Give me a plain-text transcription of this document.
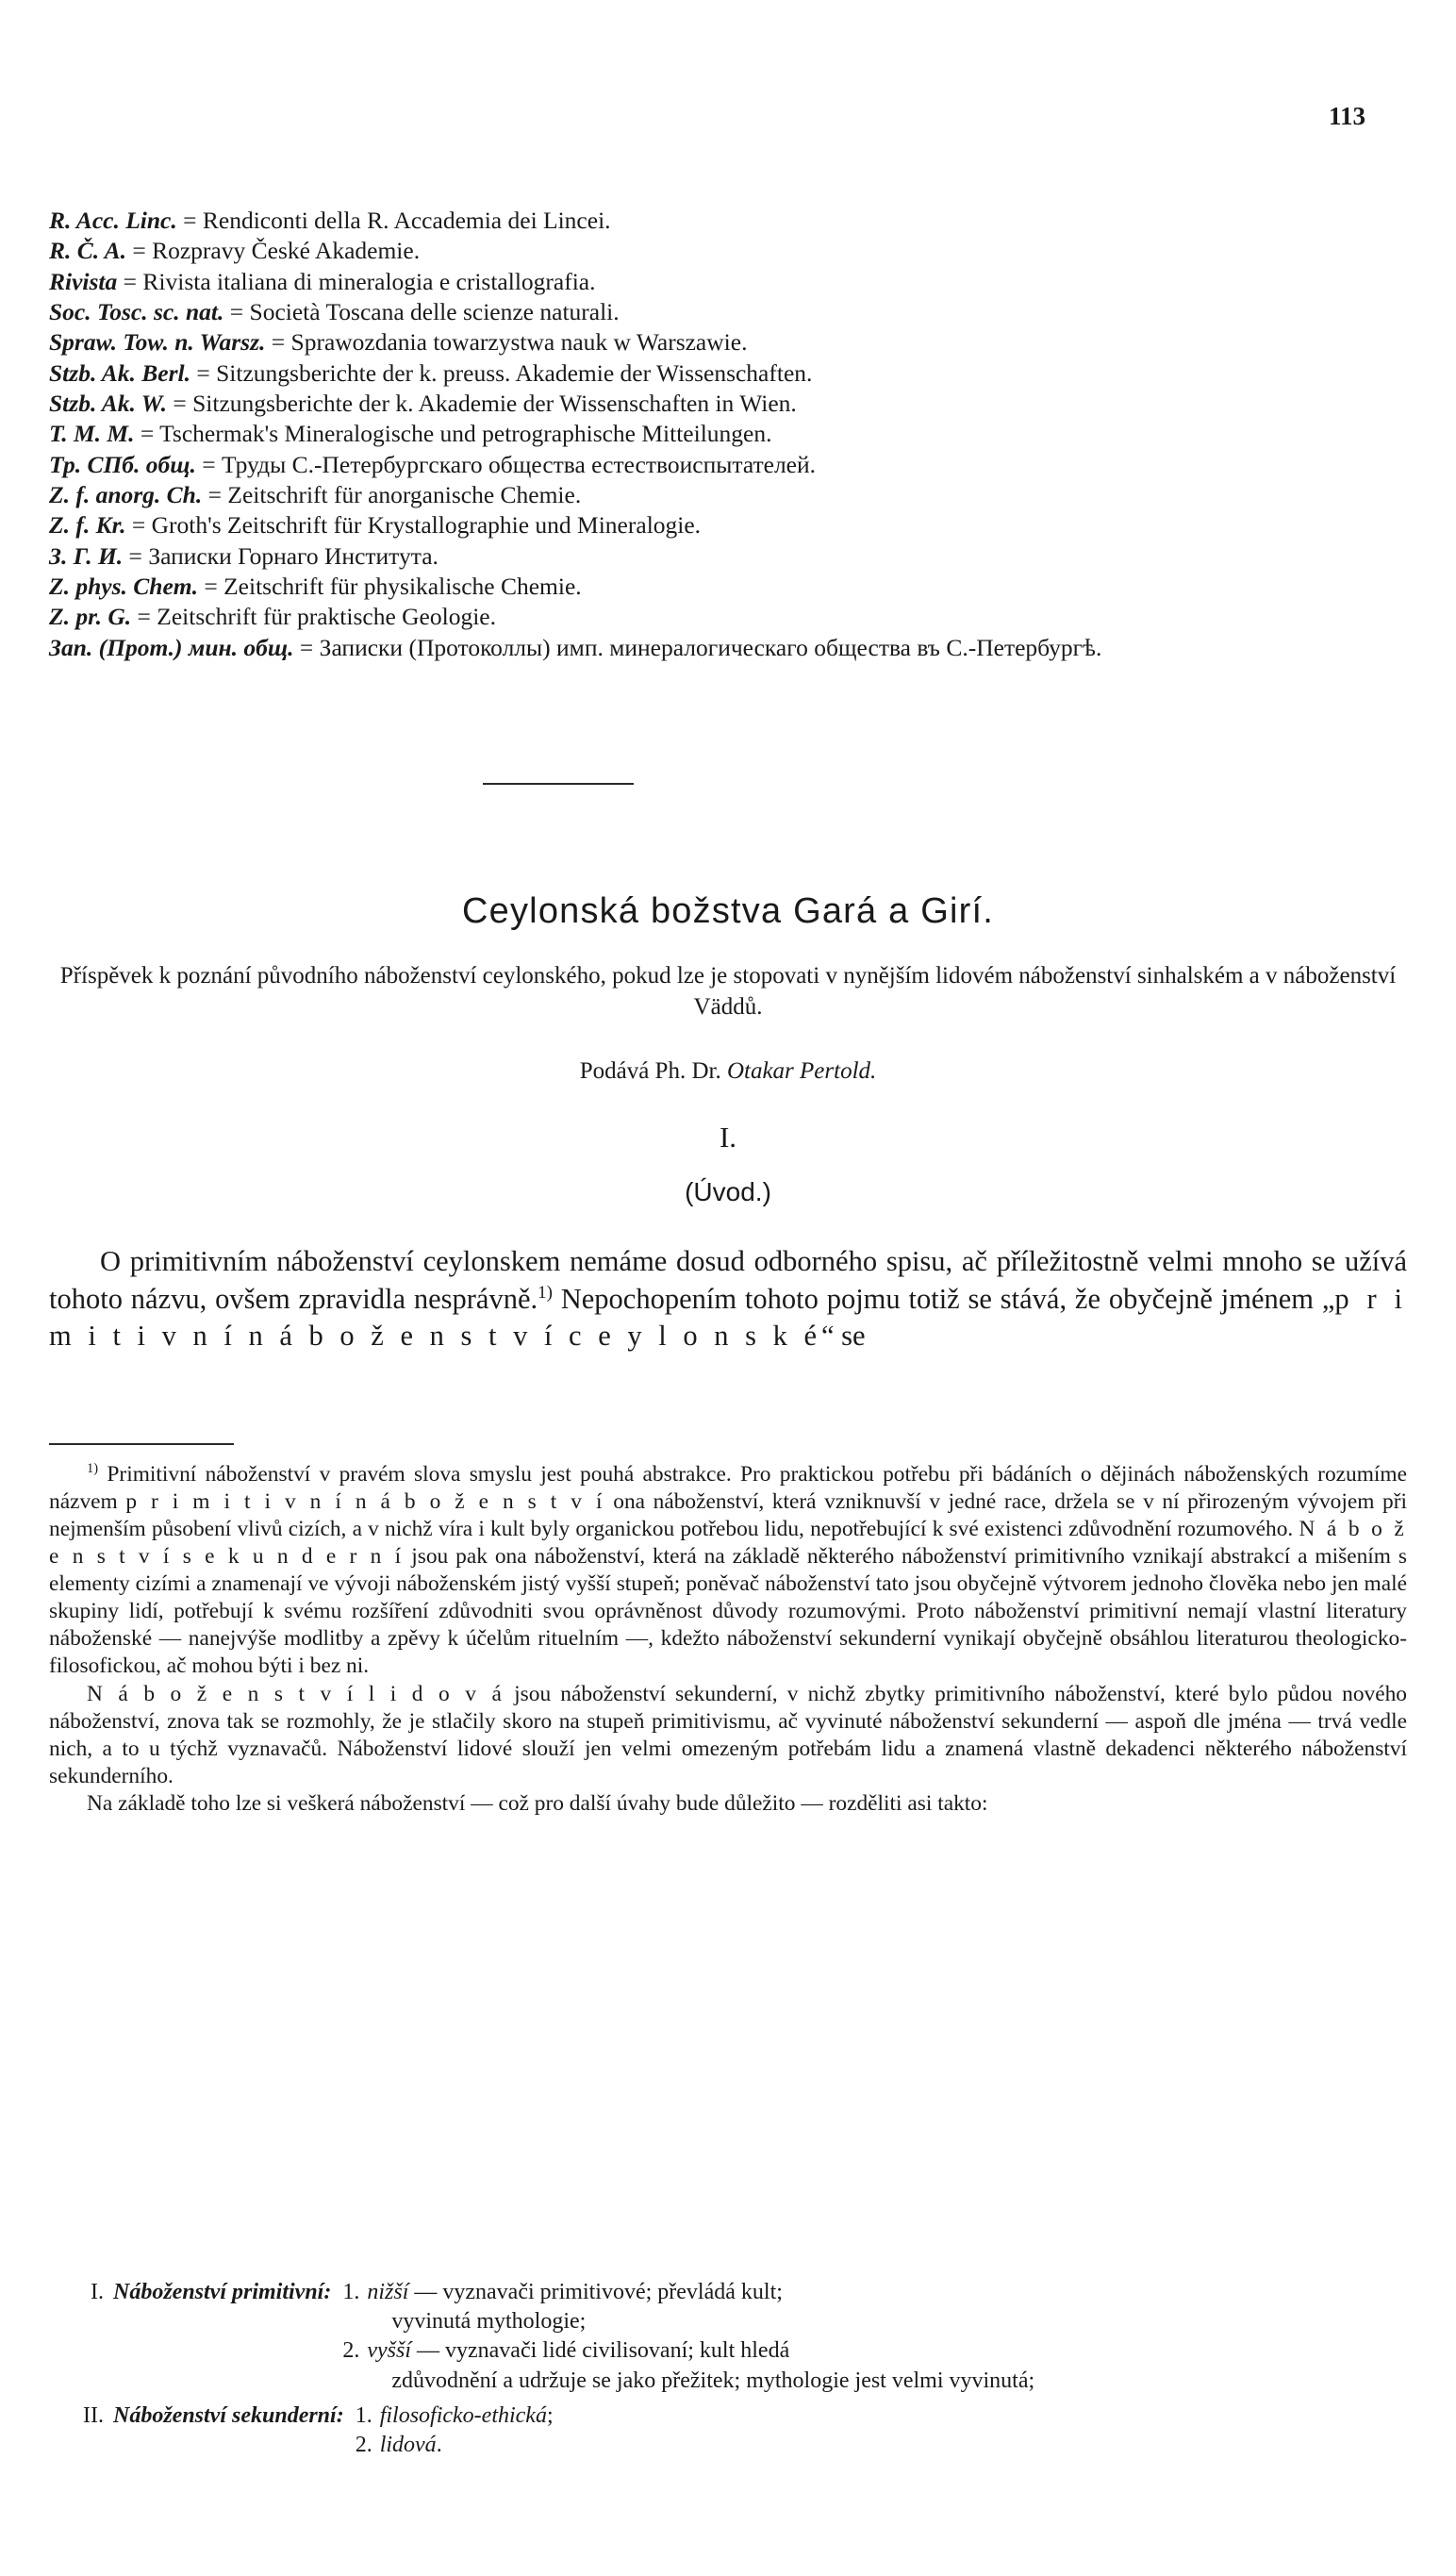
113
R. Acc. Linc. = Rendiconti della R. Accademia dei Lincei.
R. Č. A. = Rozpravy České Akademie.
Rivista = Rivista italiana di mineralogia e cristallografia.
Soc. Tosc. sc. nat. = Società Toscana delle scienze naturali.
Spraw. Tow. n. Warsz. = Sprawozdania towarzystwa nauk w Warszawie.
Stzb. Ak. Berl. = Sitzungsberichte der k. preuss. Akademie der Wissenschaften.
Stzb. Ak. W. = Sitzungsberichte der k. Akademie der Wissenschaften in Wien.
T. M. M. = Tschermak's Mineralogische und petrographische Mitteilungen.
Тр. СПб. общ. = Труды С.-Петербургскаго общества естествоиспытателей.
Z. f. anorg. Ch. = Zeitschrift für anorganische Chemie.
Z. f. Kr. = Groth's Zeitschrift für Krystallographie und Mineralogie.
З. Г. И. = Записки Горнаго Института.
Z. phys. Chem. = Zeitschrift für physikalische Chemie.
Z. pr. G. = Zeitschrift für praktische Geologie.
Зап. (Прот.) мин. общ. = Записки (Протоколлы) имп. минералогическаго общества въ С.-Петербургѣ.
Ceylonská božstva Gará a Girí.
Příspěvek k poznání původního náboženství ceylonského, pokud lze je stopovati v nynějším lidovém náboženství sinhalském a v náboženství Väddů.
Podává Ph. Dr. Otakar Pertold.
I.
(Úvod.)

O primitivním náboženství ceylonskem nemáme dosud odborného spisu, ač příležitostně velmi mnoho se užívá tohoto názvu, ovšem zpravidla nesprávně.$^{1)}$ Nepochopením tohoto pojmu totiž se stává, že obyčejně jménem „p r i m i t i v n í n á b o ž e n s t v í c e y l o n s k é“ se

$^{1)}$ Primitivní náboženství v pravém slova smyslu jest pouhá abstrakce. Pro praktickou potřebu při bádáních o dějinách náboženských rozumíme názvem p r i m i t i v n í n á b o ž e n s t v í ona náboženství, která vzniknuvší v jedné race, držela se v ní přirozeným vývojem při nejmenším působení vlivů cizích, a v nichž víra i kult byly organickou potřebou lidu, nepotřebující k své existenci zdůvodnění rozumového. N á b o ž e n s t v í s e k u n d e r n í jsou pak ona náboženství, která na základě některého náboženství primitivního vznikají abstrakcí a mišením s elementy cizími a znamenají ve vývoji náboženském jistý vyšší stupeň; poněvač náboženství tato jsou obyčejně výtvorem jednoho člověka nebo jen malé skupiny lidí, potřebují k svému rozšíření zdůvodniti svou oprávněnost důvody rozumovými. Proto náboženství primitivní nemají vlastní literatury náboženské — nanejvýše modlitby a zpěvy k účelům rituelním —, kdežto náboženství sekunderní vynikají obyčejně obsáhlou literaturou theologicko-filosofickou, ač mohou býti i bez ni.

N á b o ž e n s t v í l i d o v á jsou náboženství sekunderní, v nichž zbytky primitivního náboženství, které bylo půdou nového náboženství, znova tak se rozmohly, že je stlačily skoro na stupeň primitivismu, ač vyvinuté náboženství sekunderní — aspoň dle jména — trvá vedle nich, a to u týchž vyznavačů. Náboženství lidové slouží jen velmi omezeným potřebám lidu a znamená vlastně dekadenci některého náboženství sekunderního.

Na základě toho lze si veškerá náboženství — což pro další úvahy bude důležito — rozděliti asi takto:

I. Náboženství primitivní: 1. nižší — vyznavači primitivové; převládá kult;
vyvinutá mythologie;
2. vyšší — vyznavači lidé civilisovaní; kult hledá
zdůvodnění a udržuje se jako přežitek; mythologie jest velmi vyvinutá;
II. Náboženství sekunderní: 1. filosoficko-ethická;
2. lidová.
